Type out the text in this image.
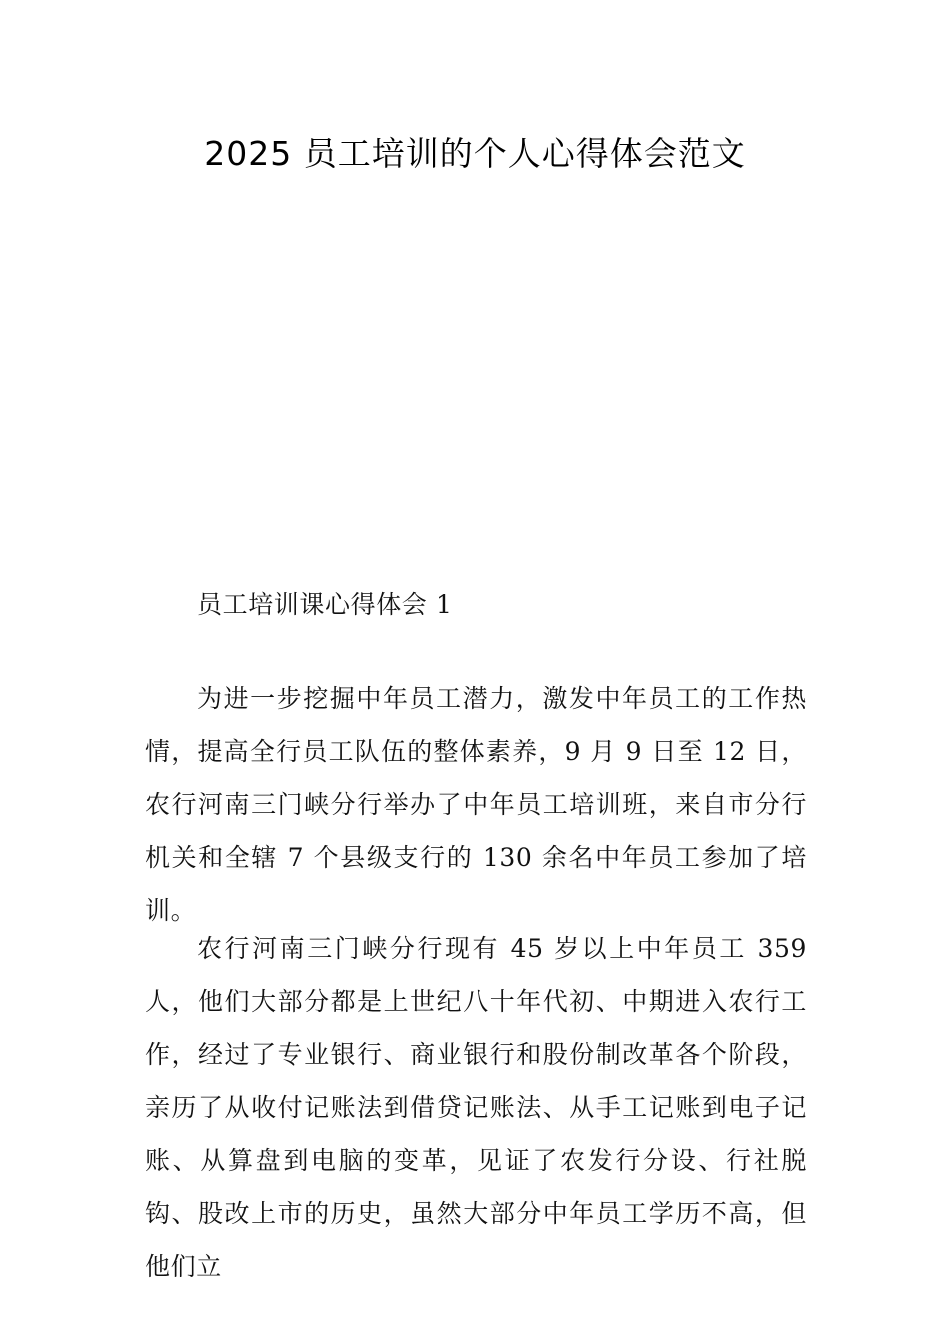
2025 员工培训的个人心得体会范文

员工培训课心得体会 1

为进一步挖掘中年员工潜力，激发中年员工的工作热情，提高全行员工队伍的整体素养，9 月 9 日至 12 日，农行河南三门峡分行举办了中年员工培训班，来自市分行机关和全辖 7 个县级支行的 130 余名中年员工参加了培训。

农行河南三门峡分行现有 45 岁以上中年员工 359 人，他们大部分都是上世纪八十年代初、中期进入农行工作，经过了专业银行、商业银行和股份制改革各个阶段，亲历了从收付记账法到借贷记账法、从手工记账到电子记账、从算盘到电脑的变革，见证了农发行分设、行社脱钩、股改上市的历史，虽然大部分中年员工学历不高，但他们立
